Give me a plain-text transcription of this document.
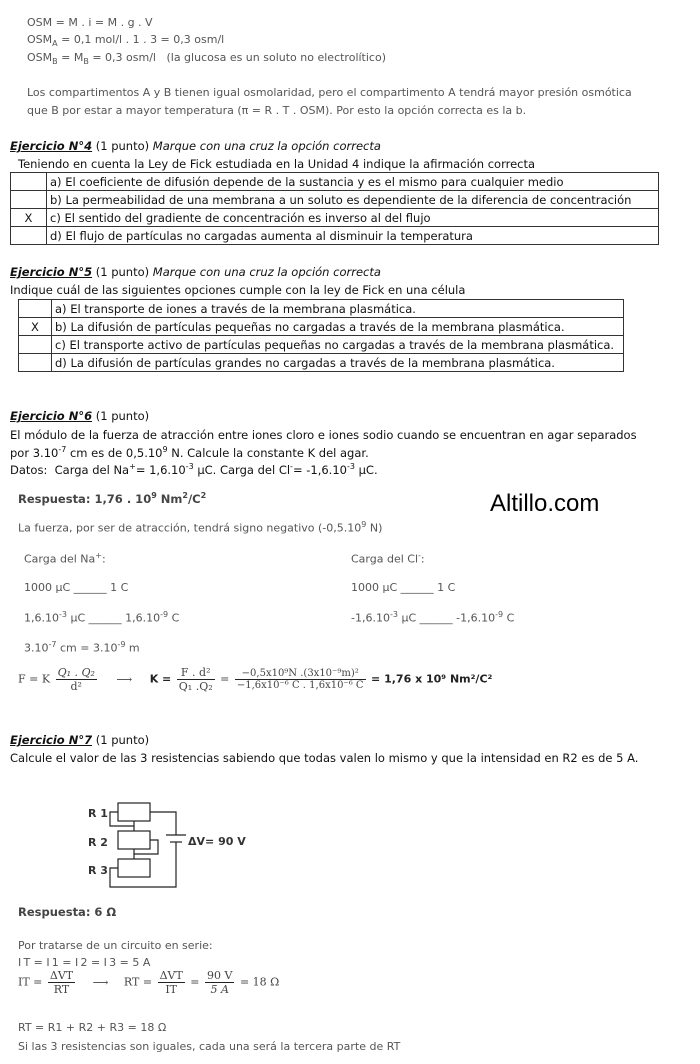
OSM = M . i = M . g . V
$OSM_A = 0,1$ mol/l . 1 . 3 = 0,3 osm/l
$OSM_B = M_B = 0,3$ osm/l   (la glucosa es un soluto no electrolítico)
Los compartimentos A y B tienen igual osmolaridad, pero el compartimento A tendrá mayor presión osmótica
que B por estar a mayor temperatura (π = R . T . OSM). Por esto la opción correcta es la b.
Ejercicio N°4 (1 punto) Marque con una cruz la opción correcta
Teniendo en cuenta la Ley de Fick estudiada en la Unidad 4 indique la afirmación correcta
	a) El coeficiente de difusión depende de la sustancia y es el mismo para cualquier medio
	b) La permeabilidad de una membrana a un soluto es dependiente de la diferencia de concentración
X	c) El sentido del gradiente de concentración es inverso al del flujo
	d) El flujo de partículas no cargadas aumenta al disminuir la temperatura
Ejercicio N°5 (1 punto) Marque con una cruz la opción correcta
Indique cuál de las siguientes opciones cumple con la ley de Fick en una célula
	a) El transporte de iones a través de la membrana plasmática.
X	b) La difusión de partículas pequeñas no cargadas a través de la membrana plasmática.
	c) El transporte activo de partículas pequeñas no cargadas a través de la membrana plasmática.
	d) La difusión de partículas grandes no cargadas a través de la membrana plasmática.
Ejercicio N°6 (1 punto)
El módulo de la fuerza de atracción entre iones cloro e iones sodio cuando se encuentran en agar separados
por $3.10^{-7}$ cm es de 0,5.10$^9$ N. Calcule la constante K del agar.
Datos:  Carga del $Na^+= 1,6.10^{-3}$ μC. Carga del $Cl^-= -1,6.10^{-3}$ μC.
Respuesta: 1,76 . $10^9$ $Nm^2/C^2$	Altillo.com
La fuerza, por ser de atracción, tendrá signo negativo (-0,5.10$^9$ N)
Carga del Na+:	Carga del Cl-:
1000 μC ______ 1 C	1000 μC ______ 1 C
$1,6.10^{-3}$ μC ______ $1,6.10^{-9}$ C	$-1,6.10^{-3}$ μC ______ $-1,6.10^{-9}$ C
$3.10^{-7}$ cm = $3.10^{-9}$ m
F = K $\frac{\text{Q₁ . Q₂}}{\text{d²}}$ ⟶ $K = \frac{\text{F . d²}}{\text{Q₁ .Q₂}} = \frac{\text{−0,5x10⁹N .(3x10⁻⁹m)²}}{\text{−1,6x10⁻⁶ C . 1,6x10⁻⁶ C}} = 1,76$ x 10⁹ Nm²/C²
Ejercicio N°7 (1 punto)
Calcule el valor de las 3 resistencias sabiendo que todas valen lo mismo y que la intensidad en R2 es de 5 A.
R 1
R 2
R 3
ΔV= 90 V
Respuesta: 6 Ω
Por tratarse de un circuito en serie:
I T = I 1 = I 2 = I 3 = 5 A
IT = $\frac{\text{ΔVT}}{RT}$ ⟶ RT = $\frac{\text{ΔVT}}{IT} = \frac{90 V}{5 A} = 18$ Ω
RT = R1 + R2 + R3 = 18 Ω
Si las 3 resistencias son iguales, cada una será la tercera parte de RT
